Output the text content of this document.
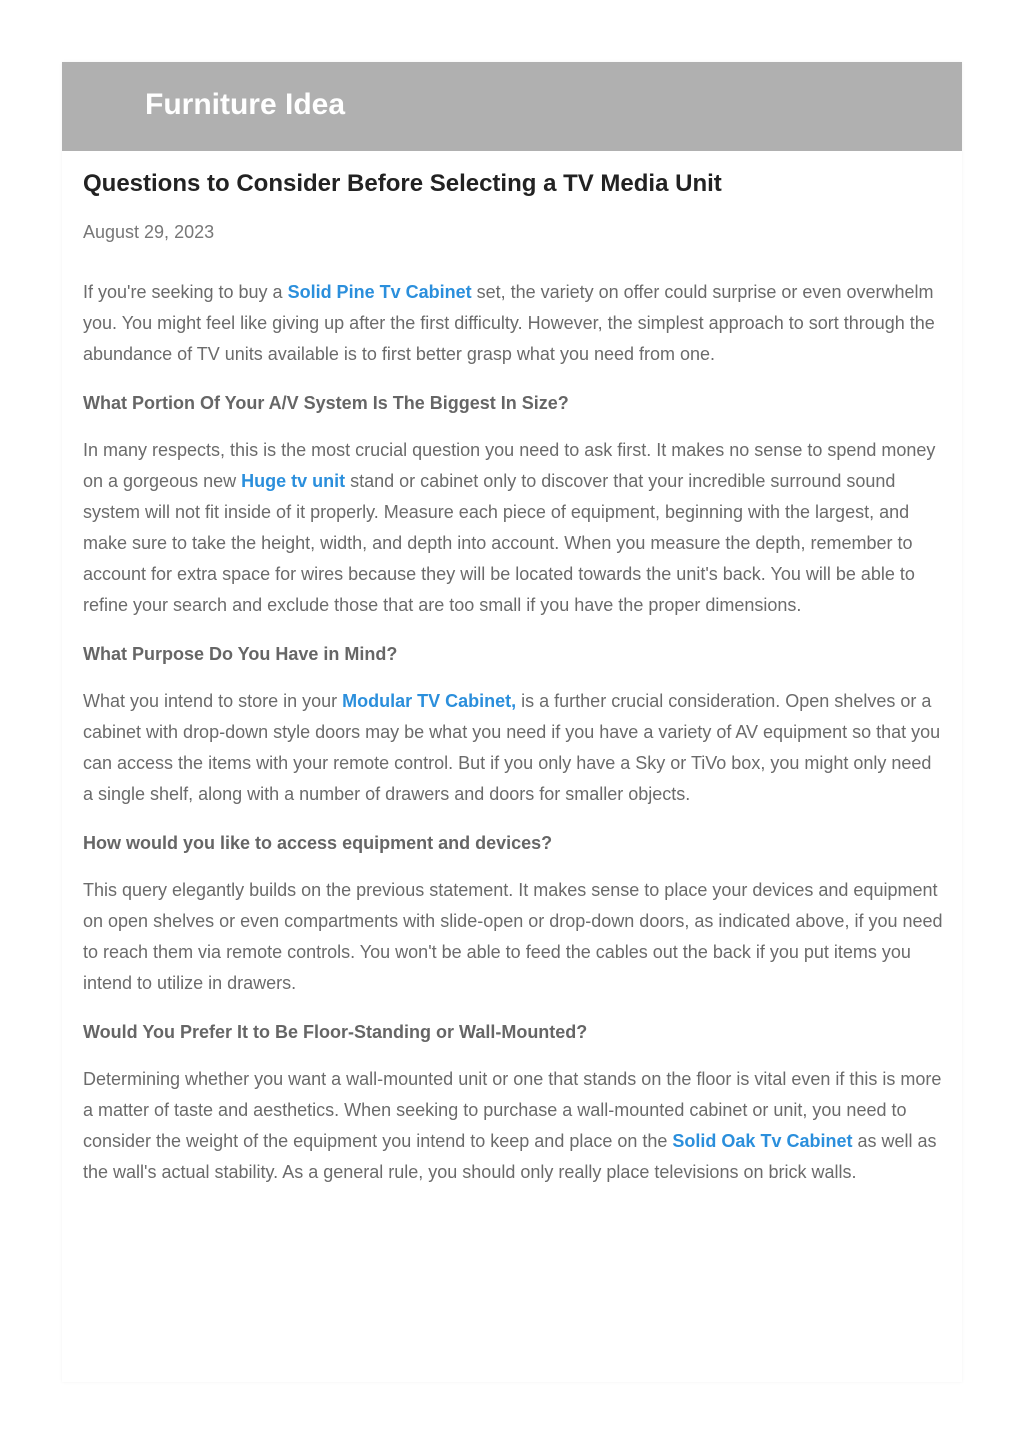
Furniture Idea
Questions to Consider Before Selecting a TV Media Unit
August 29, 2023

If you're seeking to buy a Solid Pine Tv Cabinet set, the variety on offer could surprise or even overwhelm you. You might feel like giving up after the first difficulty. However, the simplest approach to sort through the abundance of TV units available is to first better grasp what you need from one.

What Portion Of Your A/V System Is The Biggest In Size?

In many respects, this is the most crucial question you need to ask first. It makes no sense to spend money on a gorgeous new Huge tv unit stand or cabinet only to discover that your incredible surround sound system will not fit inside of it properly. Measure each piece of equipment, beginning with the largest, and make sure to take the height, width, and depth into account. When you measure the depth, remember to account for extra space for wires because they will be located towards the unit's back. You will be able to refine your search and exclude those that are too small if you have the proper dimensions.

What Purpose Do You Have in Mind?

What you intend to store in your Modular TV Cabinet, is a further crucial consideration. Open shelves or a cabinet with drop-down style doors may be what you need if you have a variety of AV equipment so that you can access the items with your remote control. But if you only have a Sky or TiVo box, you might only need a single shelf, along with a number of drawers and doors for smaller objects.

How would you like to access equipment and devices?

This query elegantly builds on the previous statement. It makes sense to place your devices and equipment on open shelves or even compartments with slide-open or drop-down doors, as indicated above, if you need to reach them via remote controls. You won't be able to feed the cables out the back if you put items you intend to utilize in drawers.

Would You Prefer It to Be Floor-Standing or Wall-Mounted?

Determining whether you want a wall-mounted unit or one that stands on the floor is vital even if this is more a matter of taste and aesthetics. When seeking to purchase a wall-mounted cabinet or unit, you need to consider the weight of the equipment you intend to keep and place on the Solid Oak Tv Cabinet as well as the wall's actual stability. As a general rule, you should only really place televisions on brick walls.
